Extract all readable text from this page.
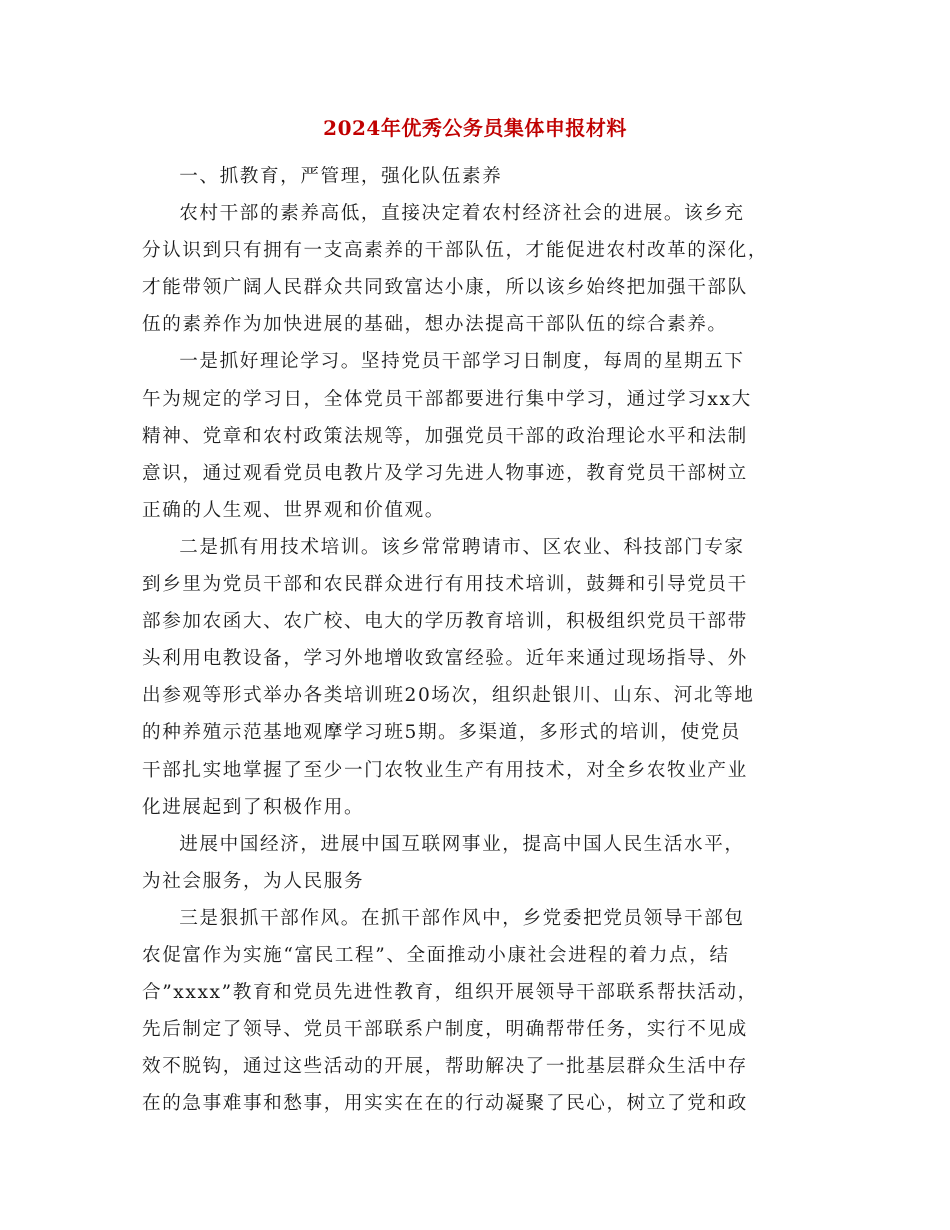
2024年优秀公务员集体申报材料
一、抓教育，严管理，强化队伍素养
农村干部的素养高低，直接决定着农村经济社会的进展。该乡充
分认识到只有拥有一支高素养的干部队伍，才能促进农村改革的深化，
才能带领广阔人民群众共同致富达小康，所以该乡始终把加强干部队
伍的素养作为加快进展的基础，想办法提高干部队伍的综合素养。
一是抓好理论学习。坚持党员干部学习日制度，每周的星期五下
午为规定的学习日，全体党员干部都要进行集中学习，通过学习xx大
精神、党章和农村政策法规等，加强党员干部的政治理论水平和法制
意识，通过观看党员电教片及学习先进人物事迹，教育党员干部树立
正确的人生观、世界观和价值观。
二是抓有用技术培训。该乡常常聘请市、区农业、科技部门专家
到乡里为党员干部和农民群众进行有用技术培训，鼓舞和引导党员干
部参加农函大、农广校、电大的学历教育培训，积极组织党员干部带
头利用电教设备，学习外地增收致富经验。近年来通过现场指导、外
出参观等形式举办各类培训班20场次，组织赴银川、山东、河北等地
的种养殖示范基地观摩学习班5期。多渠道，多形式的培训，使党员
干部扎实地掌握了至少一门农牧业生产有用技术，对全乡农牧业产业
化进展起到了积极作用。
进展中国经济，进展中国互联网事业，提高中国人民生活水平，
为社会服务，为人民服务
三是狠抓干部作风。在抓干部作风中，乡党委把党员领导干部包
农促富作为实施“富民工程”、全面推动小康社会进程的着力点，结
合”xxxx”教育和党员先进性教育，组织开展领导干部联系帮扶活动，
先后制定了领导、党员干部联系户制度，明确帮带任务，实行不见成
效不脱钩，通过这些活动的开展，帮助解决了一批基层群众生活中存
在的急事难事和愁事，用实实在在的行动凝聚了民心，树立了党和政
